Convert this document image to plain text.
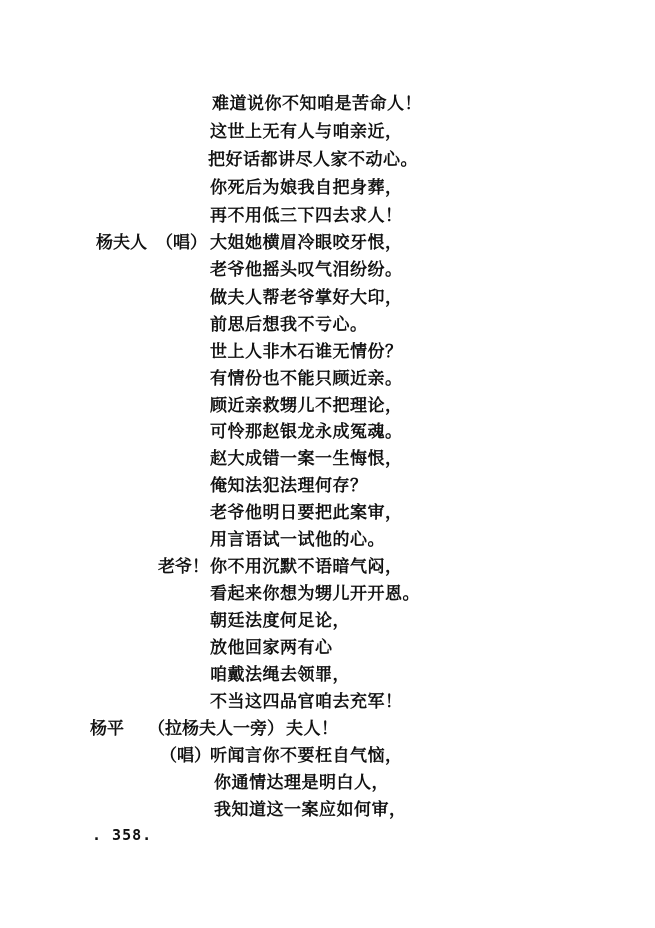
难道说你不知咱是苦命人！
这世上无有人与咱亲近，
把好话都讲尽人家不动心。
你死后为娘我自把身葬，
再不用低三下四去求人！
杨夫人 （唱） 大姐她横眉冷眼咬牙恨，
老爷他摇头叹气泪纷纷。
做夫人帮老爷掌好大印，
前思后想我不亏心。
世上人非木石谁无情份？
有情份也不能只顾近亲。
顾近亲救甥儿不把理论，
可怜那赵银龙永成冤魂。
赵大成错一案一生悔恨，
俺知法犯法理何存？
老爷他明日要把此案审，
用言语试一试他的心。
老爷！ 你不用沉默不语暗气闷，
看起来你想为甥儿开开恩。
朝廷法度何足论，
放他回家两有心
咱戴法绳去领罪，
不当这四品官咱去充军！
杨平 （拉杨夫人一旁） 夫人！
（唱） 听闻言你不要枉自气恼，
你通情达理是明白人，
我知道这一案应如何审，
. 358.
